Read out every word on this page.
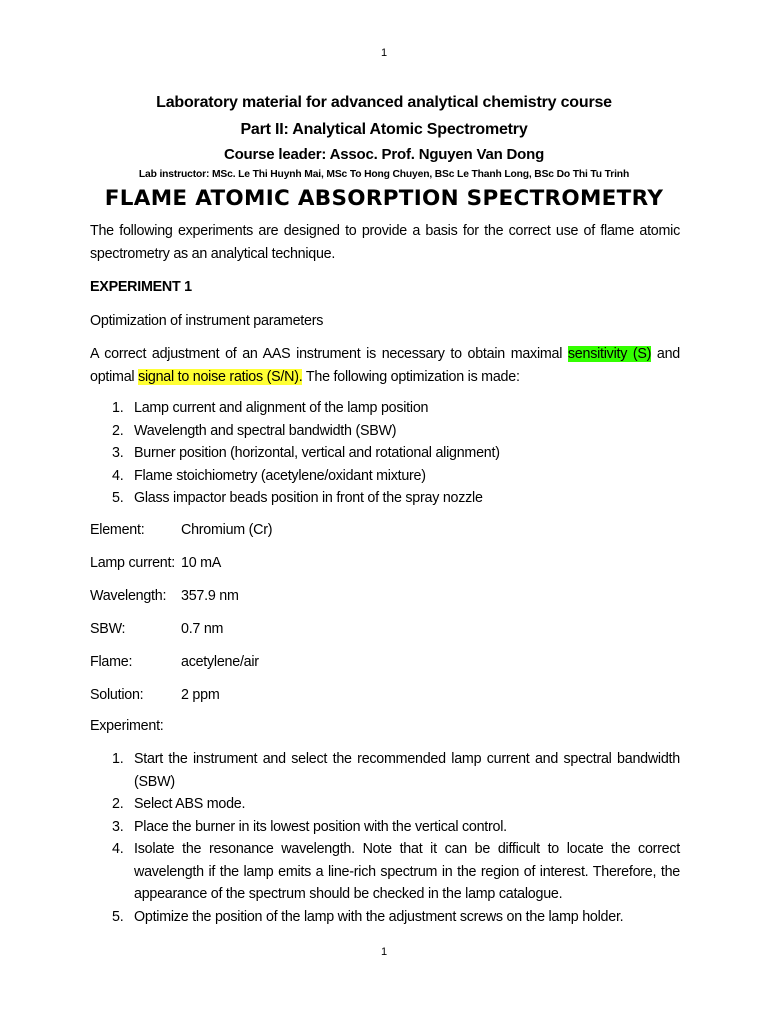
1
Laboratory material for advanced analytical chemistry course
Part II: Analytical Atomic Spectrometry
Course leader: Assoc. Prof. Nguyen Van Dong
Lab instructor: MSc. Le Thi Huynh Mai, MSc To Hong Chuyen, BSc Le Thanh Long, BSc Do Thi Tu Trinh
FLAME ATOMIC ABSORPTION SPECTROMETRY
The following experiments are designed to provide a basis for the correct use of flame atomic spectrometry as an analytical technique.
EXPERIMENT 1
Optimization of instrument parameters
A correct adjustment of an AAS instrument is necessary to obtain maximal sensitivity (S) and optimal signal to noise ratios (S/N). The following optimization is made:
1. Lamp current and alignment of the lamp position
2. Wavelength and spectral bandwidth (SBW)
3. Burner position (horizontal, vertical and rotational alignment)
4. Flame stoichiometry (acetylene/oxidant mixture)
5. Glass impactor beads position in front of the spray nozzle
Element:	Chromium (Cr)
Lamp current: 10 mA
Wavelength: 357.9 nm
SBW:	0.7 nm
Flame:	acetylene/air
Solution:	2 ppm
Experiment:
1. Start the instrument and select the recommended lamp current and spectral bandwidth (SBW)
2. Select ABS mode.
3. Place the burner in its lowest position with the vertical control.
4. Isolate the resonance wavelength. Note that it can be difficult to locate the correct wavelength if the lamp emits a line-rich spectrum in the region of interest. Therefore, the appearance of the spectrum should be checked in the lamp catalogue.
5. Optimize the position of the lamp with the adjustment screws on the lamp holder.
1
